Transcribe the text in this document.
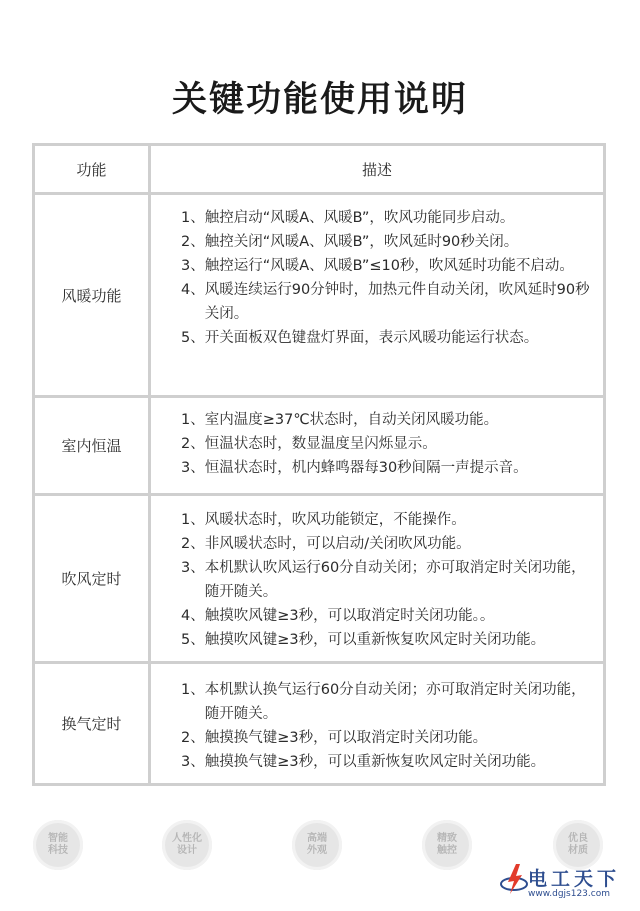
关键功能使用说明
功能	描述
风暖功能
1、 触控启动“风暖A、风暖B”，吹风功能同步启动。
2、 触控关闭“风暖A、风暖B”，吹风延时90秒关闭。
3、 触控运行“风暖A、风暖B”≤10秒，吹风延时功能不启动。
4、 风暖连续运行90分钟时，加热元件自动关闭，吹风延时90秒关闭。
5、 开关面板双色键盘灯界面，表示风暖功能运行状态。
室内恒温
1、 室内温度≥37℃状态时，自动关闭风暖功能。
2、 恒温状态时，数显温度呈闪烁显示。
3、 恒温状态时，机内蜂鸣器每30秒间隔一声提示音。
吹风定时
1、 风暖状态时，吹风功能锁定，不能操作。
2、 非风暖状态时，可以启动/关闭吹风功能。
3、 本机默认吹风运行60分自动关闭；亦可取消定时关闭功能，随开随关。
4、 触摸吹风键≥3秒，可以取消定时关闭功能。。
5、 触摸吹风键≥3秒，可以重新恢复吹风定时关闭功能。
换气定时
1、 本机默认换气运行60分自动关闭；亦可取消定时关闭功能，随开随关。
2、 触摸换气键≥3秒，可以取消定时关闭功能。
3、 触摸换气键≥3秒，可以重新恢复吹风定时关闭功能。
智能
科技
人性化
设计
高端
外观
精致
触控
优良
材质
电工天下
www.dgjs123.com
